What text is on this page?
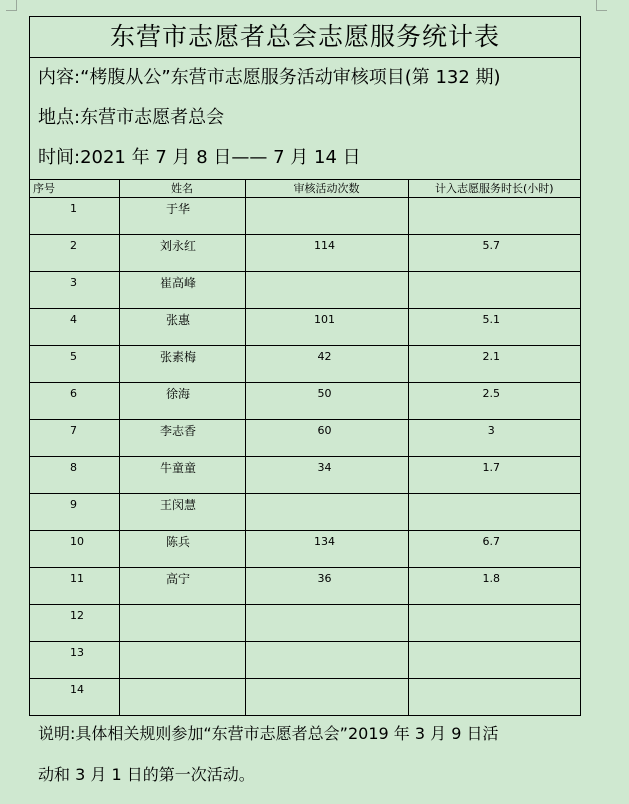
东营市志愿者总会志愿服务统计表
内容:“栲腹从公”东营市志愿服务活动审核项目(第 132 期)
地点:东营市志愿者总会
时间:2021 年 7 月 8 日—— 7 月 14 日
序号	姓名	审核活动次数	计入志愿服务时长(小时)

1	于华		

2	刘永红	114	5.7

3	崔高峰		

4	张惠	101	5.1

5	张素梅	42	2.1

6	徐海	50	2.5

7	李志香	60	3

8	牛童童	34	1.7

9	王闵慧		

10	陈兵	134	6.7

11	高宁	36	1.8

12			

13			

14			

说明:具体相关规则参加“东营市志愿者总会”2019 年 3 月 9 日活
动和 3 月 1 日的第一次活动。
